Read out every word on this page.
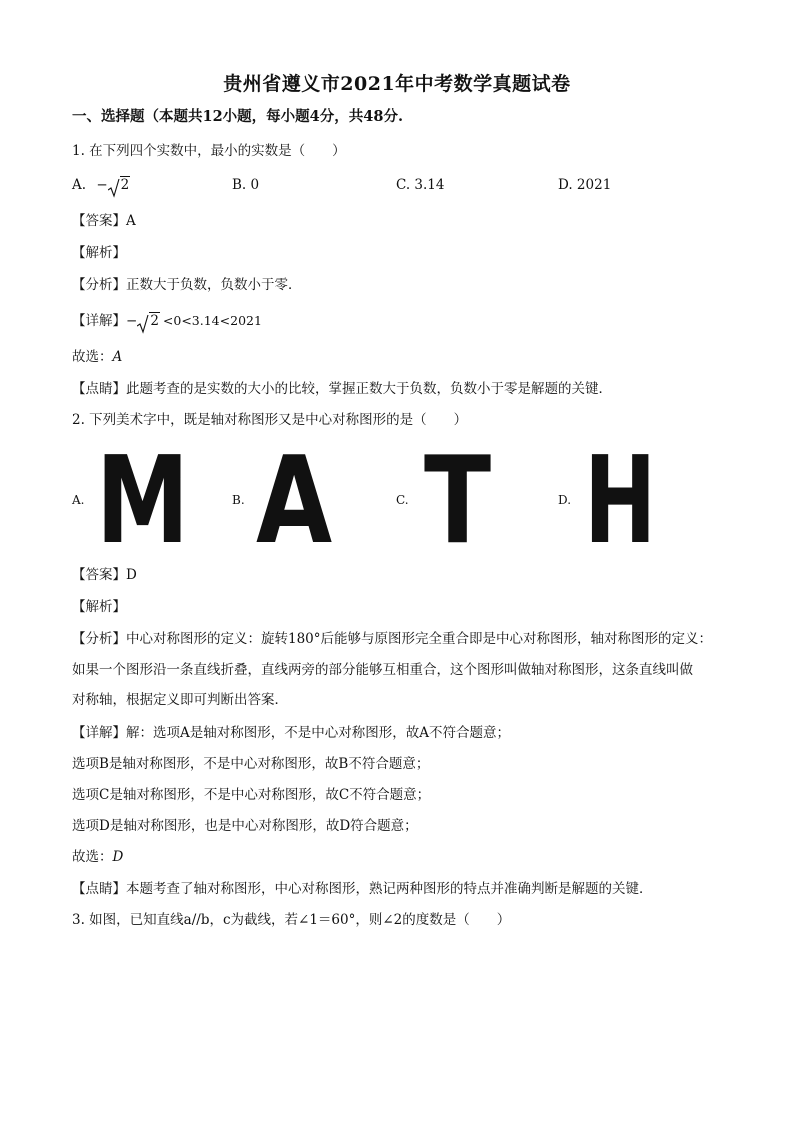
贵州省遵义市2021年中考数学真题试卷
一、选择题（本题共12小题，每小题4分，共48分.
1. 在下列四个实数中，最小的实数是（　　）
A. − 2	B. 0	C. 3.14	D. 2021
【答案】A
【解析】
【分析】正数大于负数，负数小于零．
【详解】− 2 <0<3.14<2021
故选：A
【点睛】此题考查的是实数的大小的比较，掌握正数大于负数，负数小于零是解题的关键．
2. 下列美术字中，既是轴对称图形又是中心对称图形的是（　　）
A. M	B. A	C. T	D. H
【答案】D
【解析】
【分析】中心对称图形的定义：旋转180°后能够与原图形完全重合即是中心对称图形，轴对称图形的定义：
如果一个图形沿一条直线折叠，直线两旁的部分能够互相重合，这个图形叫做轴对称图形，这条直线叫做
对称轴，根据定义即可判断出答案．
【详解】解：选项A是轴对称图形，不是中心对称图形，故A不符合题意；
选项B是轴对称图形，不是中心对称图形，故B不符合题意；
选项C是轴对称图形，不是中心对称图形，故C不符合题意；
选项D是轴对称图形，也是中心对称图形，故D符合题意；
故选：D
【点睛】本题考查了轴对称图形，中心对称图形，熟记两种图形的特点并准确判断是解题的关键．
3. 如图，已知直线a//b，c为截线，若∠1＝60°，则∠2的度数是（　　）
